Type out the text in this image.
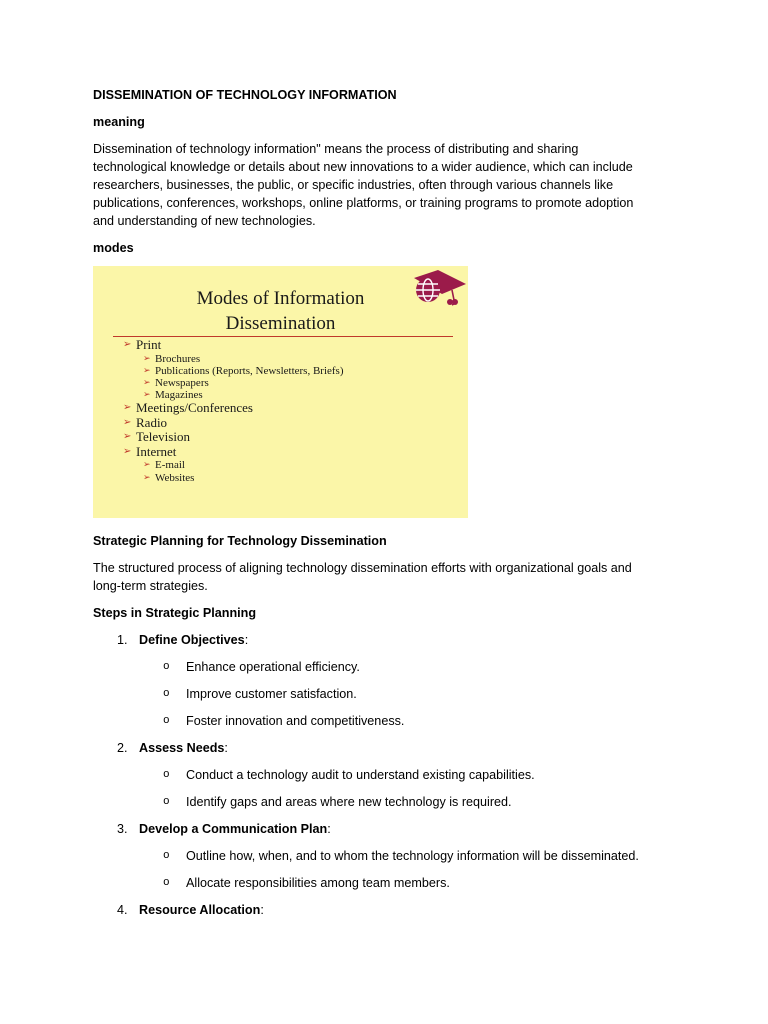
DISSEMINATION OF TECHNOLOGY INFORMATION

meaning

Dissemination of technology information" means the process of distributing and sharing
technological knowledge or details about new innovations to a wider audience, which can include
researchers, businesses, the public, or specific industries, often through various channels like
publications, conferences, workshops, online platforms, or training programs to promote adoption
and understanding of new technologies.

modes

Modes of Information
Dissemination
➢ Print
➢ Brochures
➢ Publications (Reports, Newsletters, Briefs)
➢ Newspapers
➢ Magazines
➢ Meetings/Conferences
➢ Radio
➢ Television
➢ Internet
➢ E-mail
➢ Websites

Strategic Planning for Technology Dissemination

The structured process of aligning technology dissemination efforts with organizational goals and
long-term strategies.

Steps in Strategic Planning

1. Define Objectives :
o	Enhance operational efficiency.
o	Improve customer satisfaction.
o	Foster innovation and competitiveness.
2. Assess Needs :
o	Conduct a technology audit to understand existing capabilities.
o	Identify gaps and areas where new technology is required.
3. Develop a Communication Plan :
o	Outline how, when, and to whom the technology information will be disseminated.
o	Allocate responsibilities among team members.
4. Resource Allocation :
